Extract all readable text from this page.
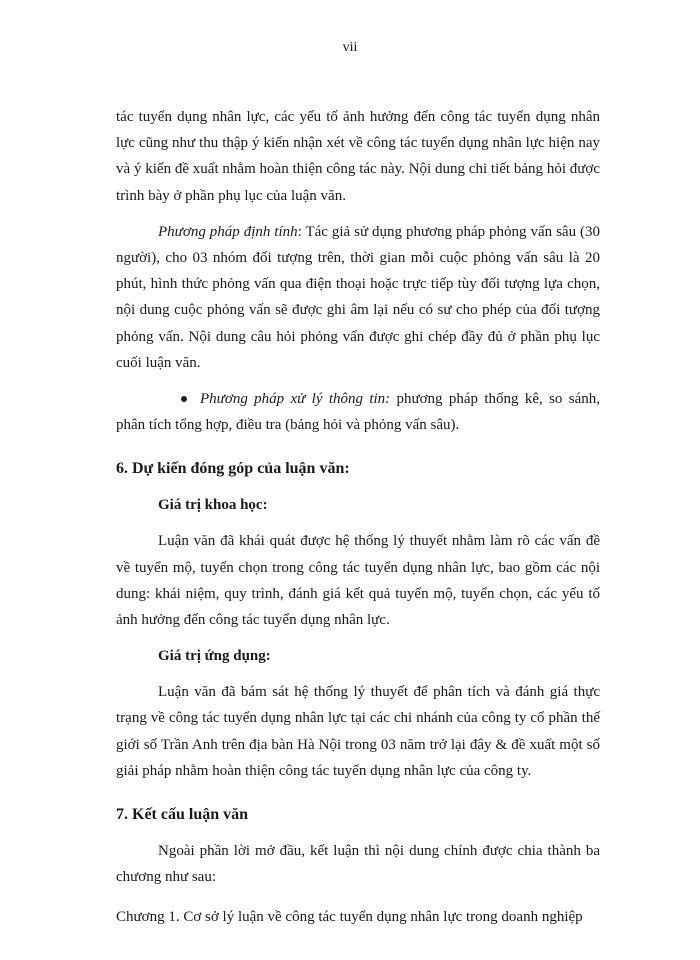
vii

tác tuyển dụng nhân lực, các yếu tố ảnh hưởng đến công tác tuyển dụng nhân lực cũng như thu thập ý kiến nhận xét về công tác tuyển dụng nhân lực hiện nay và ý kiến đề xuất nhằm hoàn thiện công tác này. Nội dung chi tiết bảng hỏi được trình bày ở phần phụ lục của luận văn.

Phương pháp định tính: Tác giả sử dụng phương pháp phỏng vấn sâu (30 người), cho 03 nhóm đối tượng trên, thời gian mỗi cuộc phỏng vấn sâu là 20 phút, hình thức phỏng vấn qua điện thoại hoặc trực tiếp tùy đối tượng lựa chọn, nội dung cuộc phỏng vấn sẽ được ghi âm lại nếu có sư cho phép của đối tượng phỏng vấn. Nội dung câu hỏi phỏng vấn được ghi chép đầy đủ ở phần phụ lục cuối luận văn.

Phương pháp xử lý thông tin: phương pháp thống kê, so sánh, phân tích tổng hợp, điều tra (bảng hỏi và phỏng vấn sâu).

6. Dự kiến đóng góp của luận văn:
Giá trị khoa học:

Luận văn đã khái quát được hệ thống lý thuyết nhằm làm rõ các vấn đề về tuyển mộ, tuyển chọn trong công tác tuyển dụng nhân lực, bao gồm các nội dung: khái niệm, quy trình, đánh giá kết quả tuyển mộ, tuyển chọn, các yếu tố ảnh hưởng đến công tác tuyển dụng nhân lực.

Giá trị ứng dụng:

Luận văn đã bám sát hệ thống lý thuyết để phân tích và đánh giá thực trạng về công tác tuyển dụng nhân lực tại các chi nhánh của công ty cổ phần thế giới số Trần Anh trên địa bàn Hà Nội trong 03 năm trở lại đây & đề xuất một số giải pháp nhằm hoàn thiện công tác tuyển dụng nhân lực của công ty.

7. Kết cấu luận văn

Ngoài phần lời mở đầu, kết luận thì nội dung chính được chia thành ba chương như sau:

Chương 1. Cơ sở lý luận về công tác tuyển dụng nhân lực trong doanh nghiệp
